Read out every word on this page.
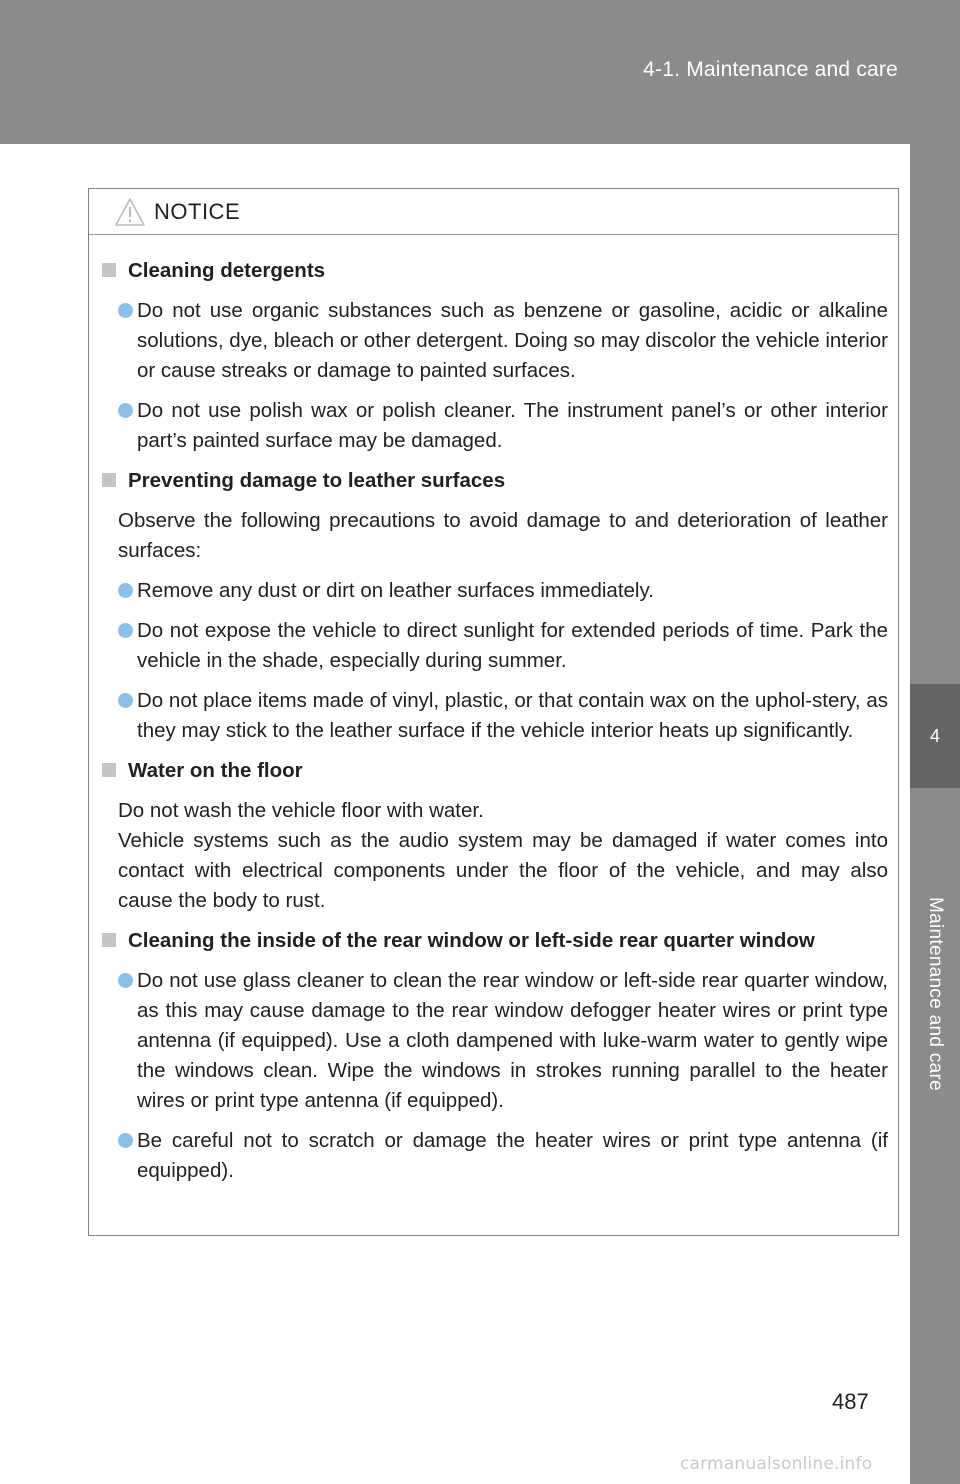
4-1. Maintenance and care
4
Maintenance and care
NOTICE
Cleaning detergents
Do not use organic substances such as benzene or gasoline, acidic or alkaline solutions, dye, bleach or other detergent. Doing so may discolor the vehicle interior or cause streaks or damage to painted surfaces.
Do not use polish wax or polish cleaner. The instrument panel’s or other interior part’s painted surface may be damaged.
Preventing damage to leather surfaces
Observe the following precautions to avoid damage to and deterioration of leather surfaces:
Remove any dust or dirt on leather surfaces immediately.
Do not expose the vehicle to direct sunlight for extended periods of time. Park the vehicle in the shade, especially during summer.
Do not place items made of vinyl, plastic, or that contain wax on the uphol-stery, as they may stick to the leather surface if the vehicle interior heats up significantly.
Water on the floor
Do not wash the vehicle floor with water.
Vehicle systems such as the audio system may be damaged if water comes into contact with electrical components under the floor of the vehicle, and may also cause the body to rust.
Cleaning the inside of the rear window or left-side rear quarter window
Do not use glass cleaner to clean the rear window or left-side rear quarter window, as this may cause damage to the rear window defogger heater wires or print type antenna (if equipped). Use a cloth dampened with luke-warm water to gently wipe the windows clean. Wipe the windows in strokes running parallel to the heater wires or print type antenna (if equipped).
Be careful not to scratch or damage the heater wires or print type antenna (if equipped).
487
carmanualsonline.info
